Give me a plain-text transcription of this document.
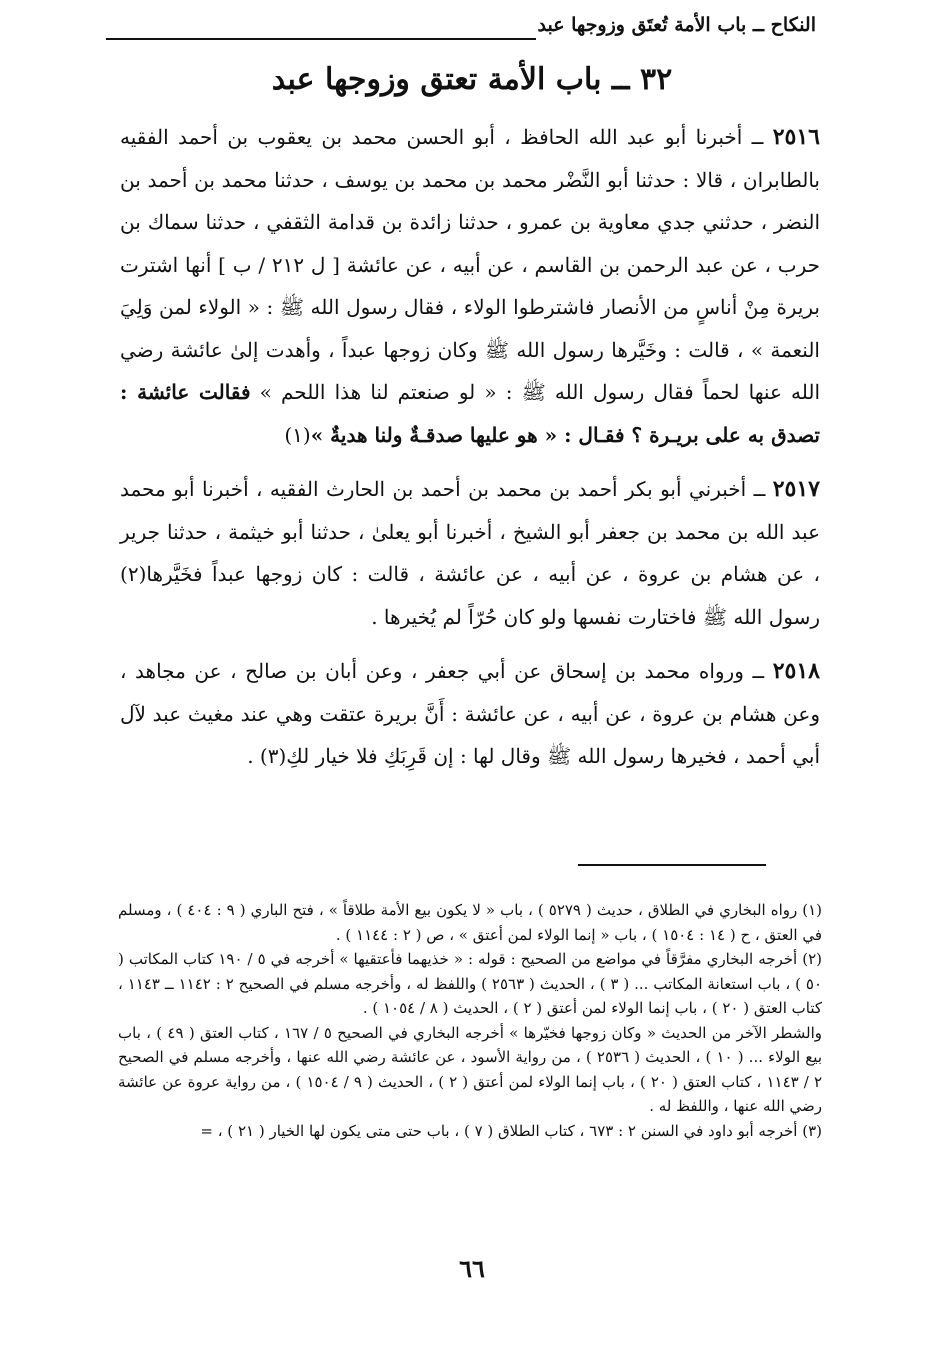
النكاح ــ باب الأمة تُعتَق وزوجها عبد
٣٢ ــ باب الأمة تعتق وزوجها عبد

٢٥١٦ ــ أخبرنا أبو عبد الله الحافظ ، أبو الحسن محمد بن يعقوب بن أحمد الفقيه بالطابران ، قالا : حدثنا أبو النَّضْر محمد بن محمد بن يوسف ، حدثنا محمد بن أحمد بن النضر ، حدثني جدي معاوية بن عمرو ، حدثنا زائدة بن قدامة الثقفي ، حدثنا سماك بن حرب ، عن عبد الرحمن بن القاسم ، عن أبيه ، عن عائشة [ ل ٢١٢ / ب ] أنها اشترت بريرة مِنْ أناسٍ من الأنصار فاشترطوا الولاء ، فقال رسول الله ﷺ : « الولاء لمن وَلِيَ النعمة » ، قالت : وخَيَّرها رسول الله ﷺ وكان زوجها عبداً ، وأهدت إلىٰ عائشة رضي الله عنها لحماً فقال رسول الله ﷺ : « لو صنعتم لنا هذا اللحم » فقالت عائشة : تصدق به على بريـرة ؟ فقـال : « هو عليها صدقـةٌ ولنا هديةٌ »(١)

٢٥١٧ ــ أخبرني أبو بكر أحمد بن محمد بن أحمد بن الحارث الفقيه ، أخبرنا أبو محمد عبد الله بن محمد بن جعفر أبو الشيخ ، أخبرنا أبو يعلىٰ ، حدثنا أبو خيثمة ، حدثنا جرير ، عن هشام بن عروة ، عن أبيه ، عن عائشة ، قالت : كان زوجها عبداً فخَيَّرها(٢) رسول الله ﷺ فاختارت نفسها ولو كان حُرّاً لم يُخيرها .

٢٥١٨ ــ ورواه محمد بن إسحاق عن أبي جعفر ، وعن أبان بن صالح ، عن مجاهد ، وعن هشام بن عروة ، عن أبيه ، عن عائشة : أَنَّ بريرة عتقت وهي عند مغيث عبد لآل أبي أحمد ، فخيرها رسول الله ﷺ وقال لها : إن قَرِبَكِ فلا خيار لكِ(٣) .

(١) رواه البخاري في الطلاق ، حديث ( ٥٢٧٩ ) ، باب « لا يكون بيع الأمة طلاقاً » ، فتح الباري ( ٩ : ٤٠٤ ) ، ومسلم في العتق ، ح ( ١٤ : ١٥٠٤ ) ، باب « إنما الولاء لمن أعتق » ، ص ( ٢ : ١١٤٤ ) .

(٢) أخرجه البخاري مفرَّقاً في مواضع من الصحيح : قوله : « خذيهما فأعتقيها » أخرجه في ٥ / ١٩٠ كتاب المكاتب ( ٥٠ ) ، باب استعانة المكاتب ... ( ٣ ) ، الحديث ( ٢٥٦٣ ) واللفظ له ، وأخرجه مسلم في الصحيح ٢ : ١١٤٢ ــ ١١٤٣ ، كتاب العتق ( ٢٠ ) ، باب إنما الولاء لمن أعتق ( ٢ ) ، الحديث ( ٨ / ١٠٥٤ ) .

والشطر الآخر من الحديث « وكان زوجها فخيّرها » أخرجه البخاري في الصحيح ٥ / ١٦٧ ، كتاب العتق ( ٤٩ ) ، باب بيع الولاء ... ( ١٠ ) ، الحديث ( ٢٥٣٦ ) ، من رواية الأسود ، عن عائشة رضي الله عنها ، وأخرجه مسلم في الصحيح ٢ / ١١٤٣ ، كتاب العتق ( ٢٠ ) ، باب إنما الولاء لمن أعتق ( ٢ ) ، الحديث ( ٩ / ١٥٠٤ ) ، من رواية عروة عن عائشة رضي الله عنها ، واللفظ له .

(٣) أخرجه أبو داود في السنن ٢ : ٦٧٣ ، كتاب الطلاق ( ٧ ) ، باب حتى متى يكون لها الخيار ( ٢١ ) ، =

٦٦
